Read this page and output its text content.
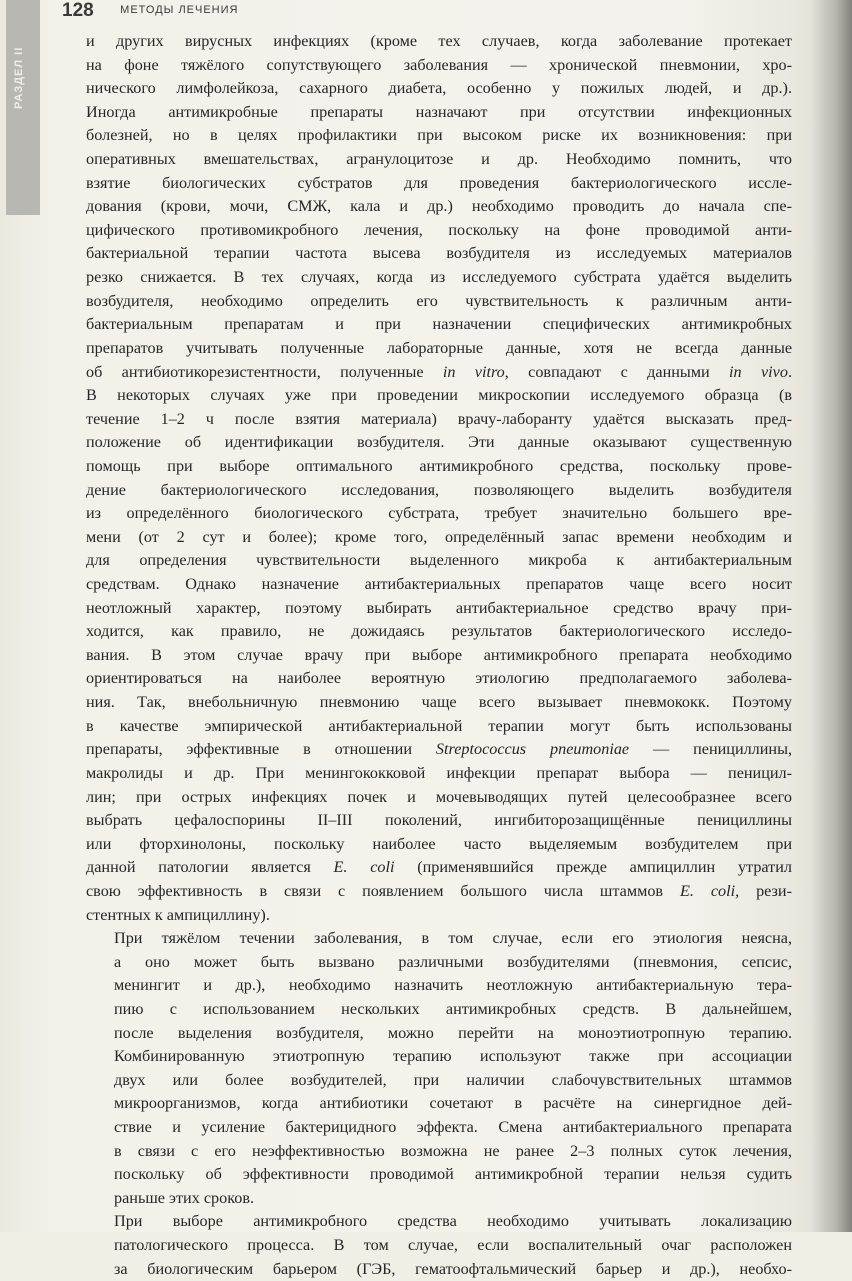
РАЗДЕЛ II
128 $^{МЕТОДЫ ЛЕЧЕНИЯ}$
и других вирусных инфекциях (кроме тех случаев, когда заболевание протекает
на фоне тяжёлого сопутствующего заболевания — хронической пневмонии, хро-
нического лимфолейкоза, сахарного диабета, особенно у пожилых людей, и др.).
Иногда антимикробные препараты назначают при отсутствии инфекционных
болезней, но в целях профилактики при высоком риске их возникновения: при
оперативных вмешательствах, агранулоцитозе и др. Необходимо помнить, что
взятие биологических субстратов для проведения бактериологического иссле-
дования (крови, мочи, СМЖ, кала и др.) необходимо проводить до начала спе-
цифического противомикробного лечения, поскольку на фоне проводимой анти-
бактериальной терапии частота высева возбудителя из исследуемых материалов
резко снижается. В тех случаях, когда из исследуемого субстрата удаётся выделить
возбудителя, необходимо определить его чувствительность к различным анти-
бактериальным препаратам и при назначении специфических антимикробных
препаратов учитывать полученные лабораторные данные, хотя не всегда данные
об антибиотикорезистентности, полученные in vitro, совпадают с данными in vivo.
В некоторых случаях уже при проведении микроскопии исследуемого образца (в
течение 1–2 ч после взятия материала) врачу-лаборанту удаётся высказать пред-
положение об идентификации возбудителя. Эти данные оказывают существенную
помощь при выборе оптимального антимикробного средства, поскольку прове-
дение бактериологического исследования, позволяющего выделить возбудителя
из определённого биологического субстрата, требует значительно большего вре-
мени (от 2 сут и более); кроме того, определённый запас времени необходим и
для определения чувствительности выделенного микроба к антибактериальным
средствам. Однако назначение антибактериальных препаратов чаще всего носит
неотложный характер, поэтому выбирать антибактериальное средство врачу при-
ходится, как правило, не дожидаясь результатов бактериологического исследо-
вания. В этом случае врачу при выборе антимикробного препарата необходимо
ориентироваться на наиболее вероятную этиологию предполагаемого заболева-
ния. Так, внебольничную пневмонию чаще всего вызывает пневмококк. Поэтому
в качестве эмпирической антибактериальной терапии могут быть использованы
препараты, эффективные в отношении Streptococcus pneumoniae — пенициллины,
макролиды и др. При менингококковой инфекции препарат выбора — пеницил-
лин; при острых инфекциях почек и мочевыводящих путей целесообразнее всего
выбрать цефалоспорины II–III поколений, ингибиторозащищённые пенициллины
или фторхинолоны, поскольку наиболее часто выделяемым возбудителем при
данной патологии является E. coli (применявшийся прежде ампициллин утратил
свою эффективность в связи с появлением большого числа штаммов E. coli, рези-
стентных к ампициллину).
При тяжёлом течении заболевания, в том случае, если его этиология неясна,
а оно может быть вызвано различными возбудителями (пневмония, сепсис,
менингит и др.), необходимо назначить неотложную антибактериальную тера-
пию с использованием нескольких антимикробных средств. В дальнейшем,
после выделения возбудителя, можно перейти на моноэтиотропную терапию.
Комбинированную этиотропную терапию используют также при ассоциации
двух или более возбудителей, при наличии слабочувствительных штаммов
микроорганизмов, когда антибиотики сочетают в расчёте на синергидное дей-
ствие и усиление бактерицидного эффекта. Смена антибактериального препарата
в связи с его неэффективностью возможна не ранее 2–3 полных суток лечения,
поскольку об эффективности проводимой антимикробной терапии нельзя судить
раньше этих сроков.
При выборе антимикробного средства необходимо учитывать локализацию
патологического процесса. В том случае, если воспалительный очаг расположен
за биологическим барьером (ГЭБ, гематоофтальмический барьер и др.), необхо-
